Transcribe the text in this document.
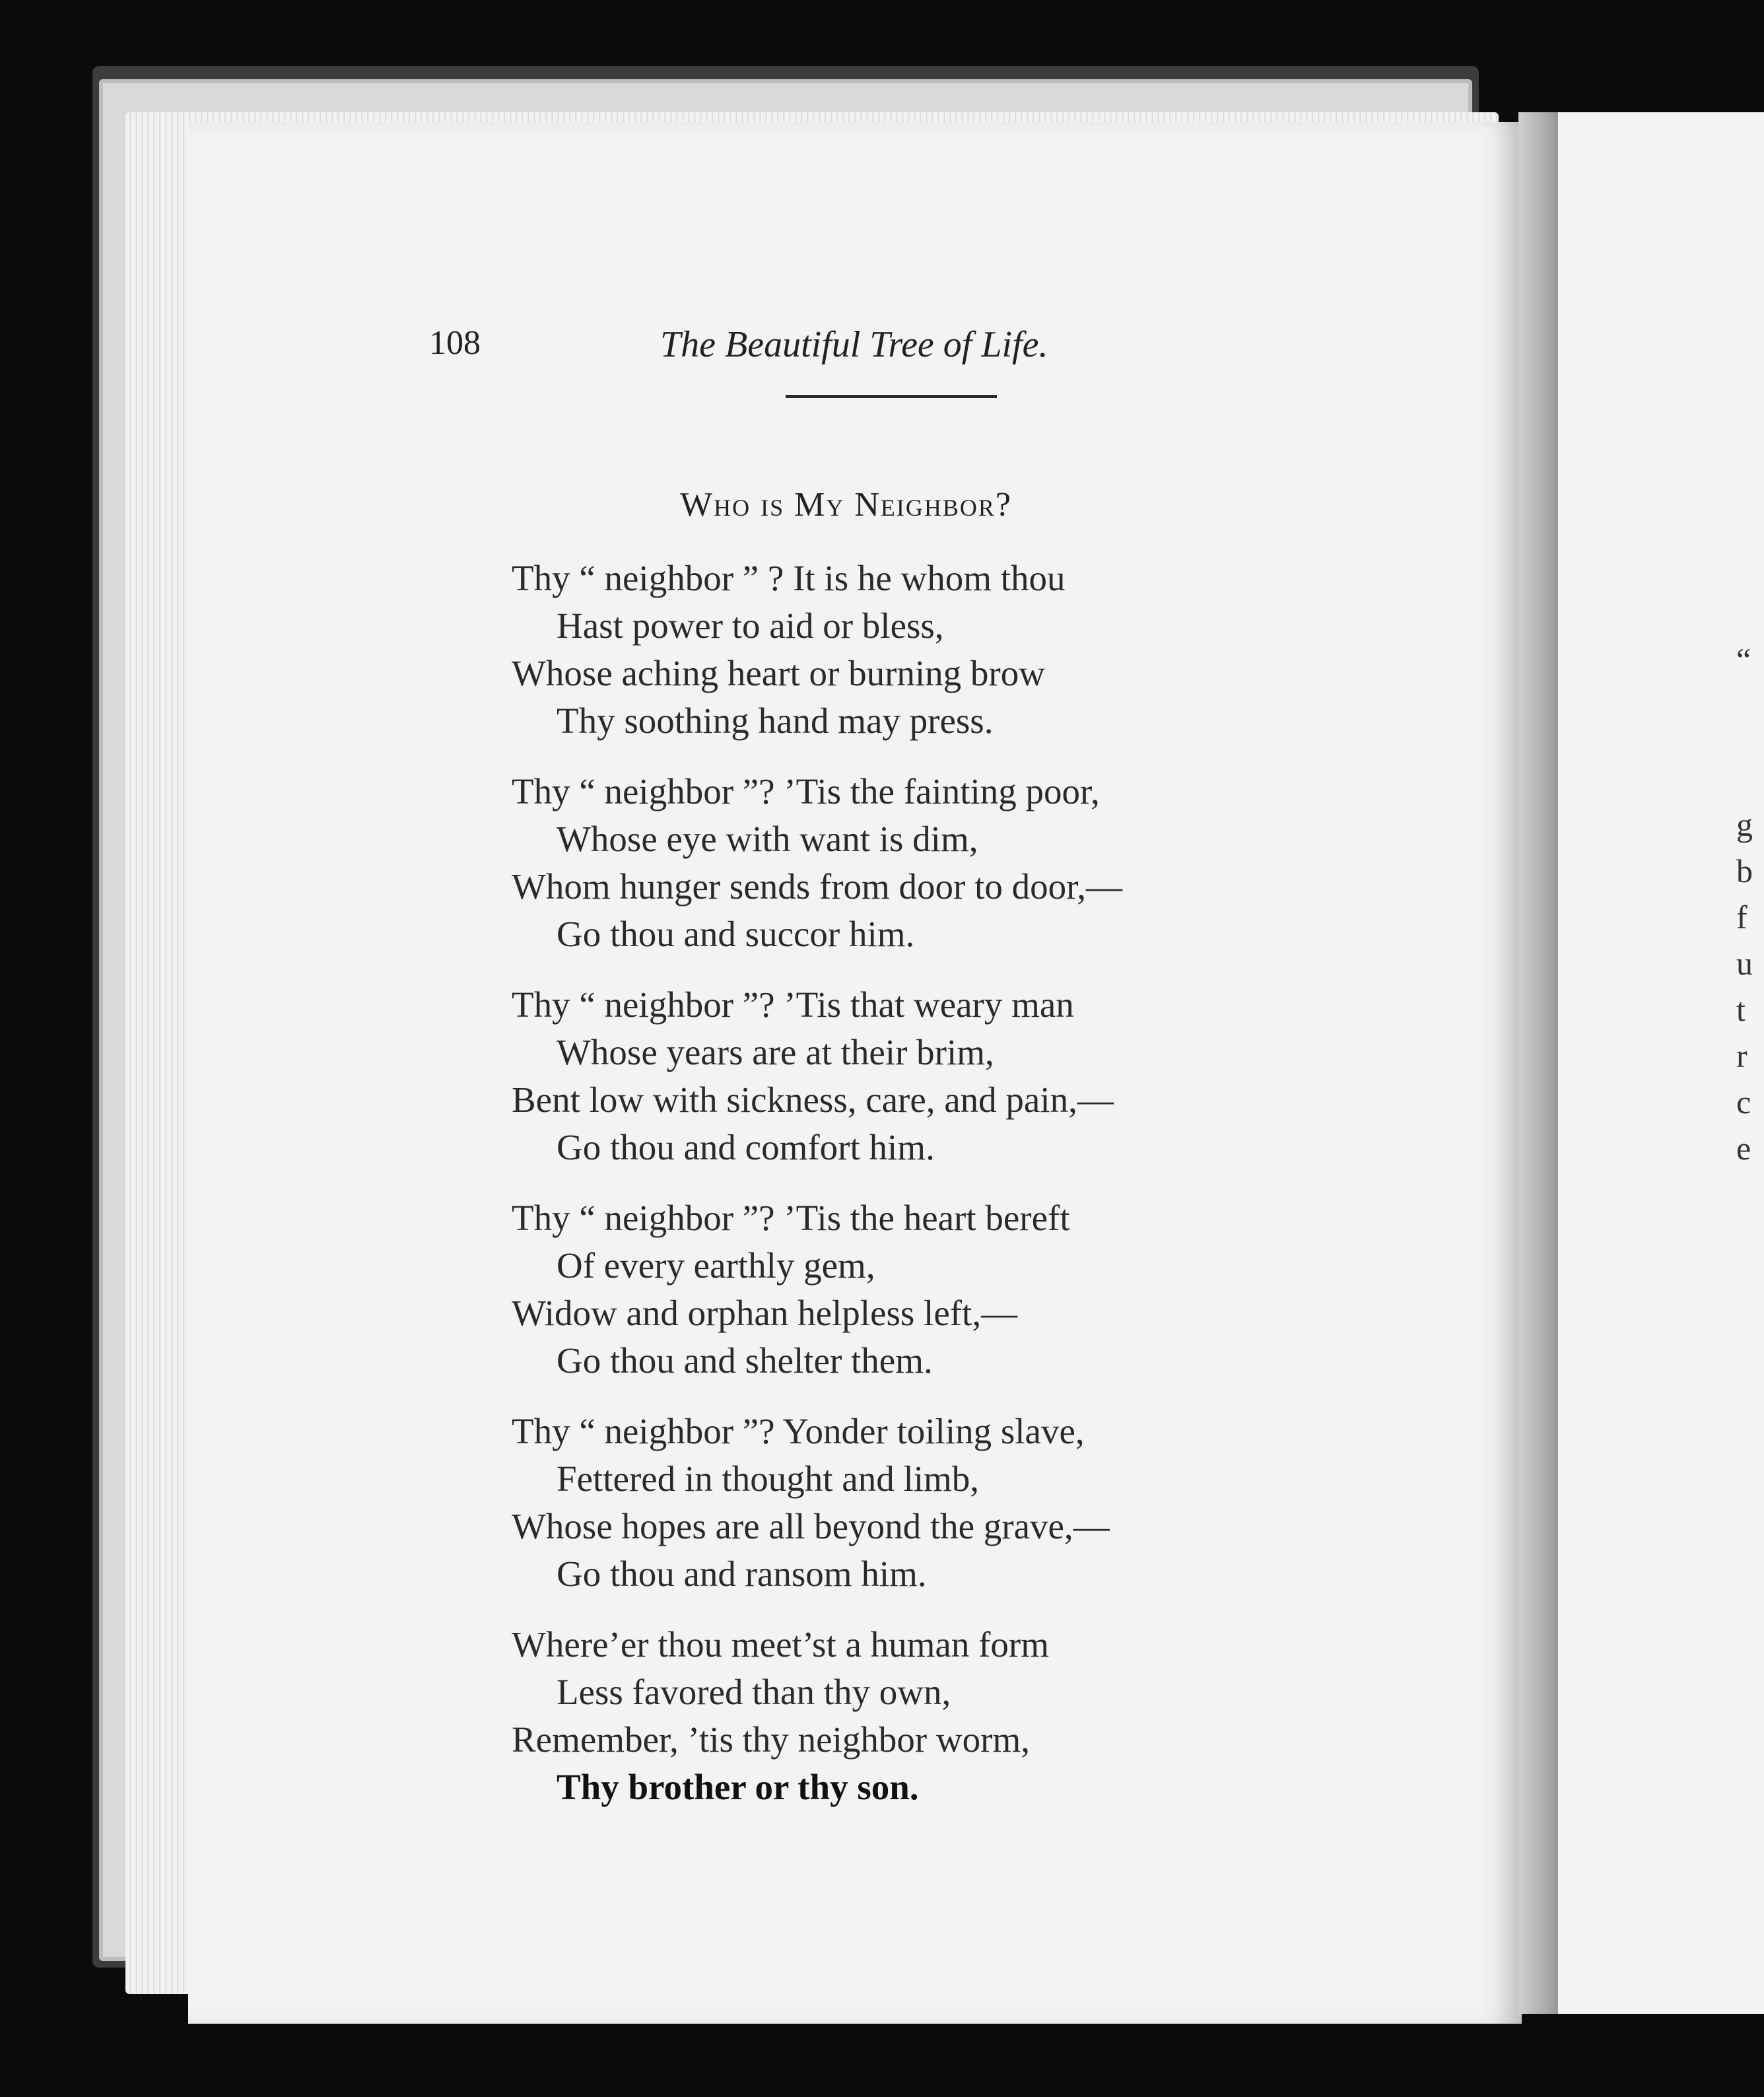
“
g
b
f
u
t
r
c
e
108	The Beautiful Tree of Life.
Who is My Neighbor?
Thy “ neighbor ” ? It is he whom thou
Hast power to aid or bless,
Whose aching heart or burning brow
Thy soothing hand may press.
Thy “ neighbor ”? ’Tis the fainting poor,
Whose eye with want is dim,
Whom hunger sends from door to door,—
Go thou and succor him.
Thy “ neighbor ”? ’Tis that weary man
Whose years are at their brim,
Bent low with sickness, care, and pain,—
Go thou and comfort him.
Thy “ neighbor ”? ’Tis the heart bereft
Of every earthly gem,
Widow and orphan helpless left,—
Go thou and shelter them.
Thy “ neighbor ”? Yonder toiling slave,
Fettered in thought and limb,
Whose hopes are all beyond the grave,—
Go thou and ransom him.
Where’er thou meet’st a human form
Less favored than thy own,
Remember, ’tis thy neighbor worm,
Thy brother or thy son.
